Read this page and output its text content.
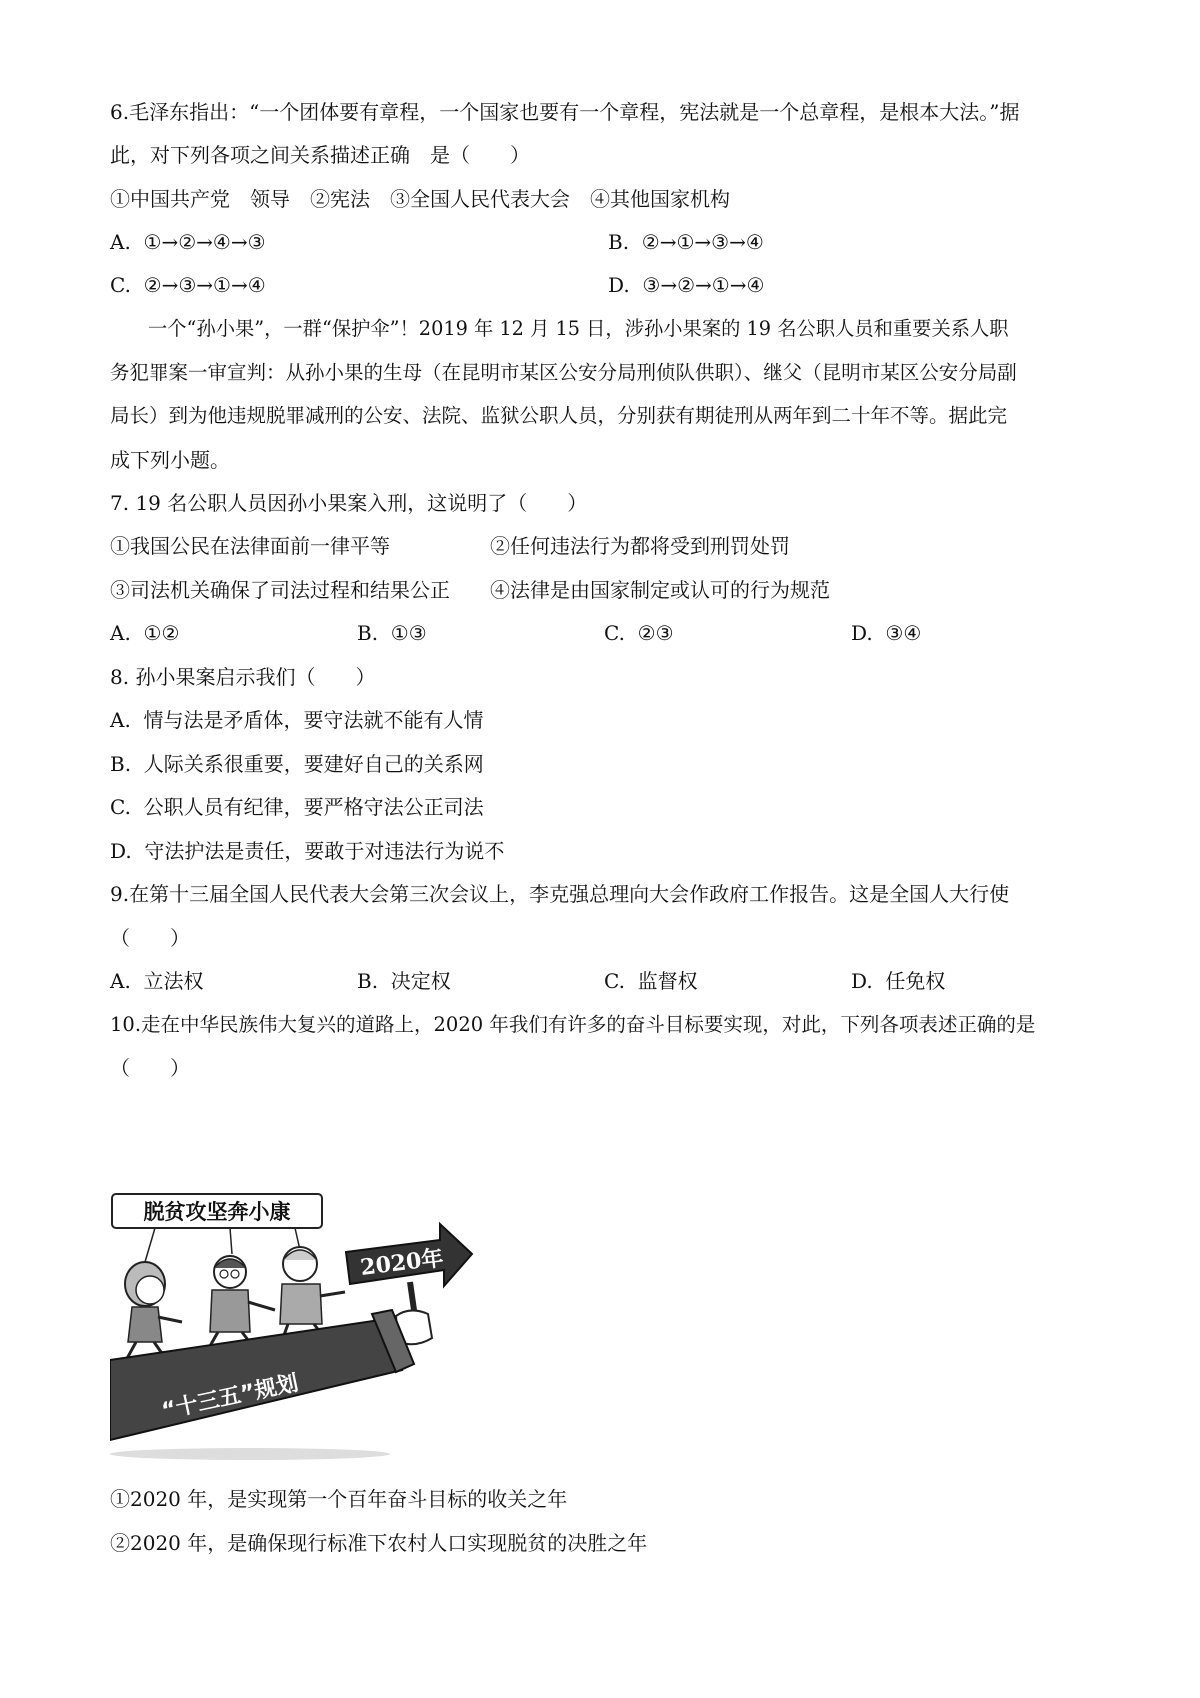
6.毛泽东指出：“一个团体要有章程，一个国家也要有一个章程，宪法就是一个总章程，是根本大法。”据
此，对下列各项之间关系描述正确　是（　　）
①中国共产党　领导　②宪法　③全国人民代表大会　④其他国家机构
A. ①→②→④→③	B. ②→①→③→④
C. ②→③→①→④	D. ③→②→①→④
一个“孙小果”，一群“保护伞”！2019 年 12 月 15 日，涉孙小果案的 19 名公职人员和重要关系人职
务犯罪案一审宣判：从孙小果的生母（在昆明市某区公安分局刑侦队供职）、继父（昆明市某区公安分局副
局长）到为他违规脱罪减刑的公安、法院、监狱公职人员，分别获有期徒刑从两年到二十年不等。据此完
成下列小题。
7. 19 名公职人员因孙小果案入刑，这说明了（　　）
①我国公民在法律面前一律平等	②任何违法行为都将受到刑罚处罚
③司法机关确保了司法过程和结果公正 ④法律是由国家制定或认可的行为规范
A. ①②	B. ①③	C. ②③	D. ③④
8. 孙小果案启示我们（　　）
A. 情与法是矛盾体，要守法就不能有人情
B. 人际关系很重要，要建好自己的关系网
C. 公职人员有纪律，要严格守法公正司法
D. 守法护法是责任，要敢于对违法行为说不
9.在第十三届全国人民代表大会第三次会议上，李克强总理向大会作政府工作报告。这是全国人大行使
（　　）
A. 立法权	B. 决定权	C. 监督权	D. 任免权
10.走在中华民族伟大复兴的道路上，2020 年我们有许多的奋斗目标要实现，对此，下列各项表述正确的是
（　　）
脱贫攻坚奔小康
2020年
“十三五”规划
①2020 年，是实现第一个百年奋斗目标的收关之年
②2020 年，是确保现行标准下农村人口实现脱贫的决胜之年
